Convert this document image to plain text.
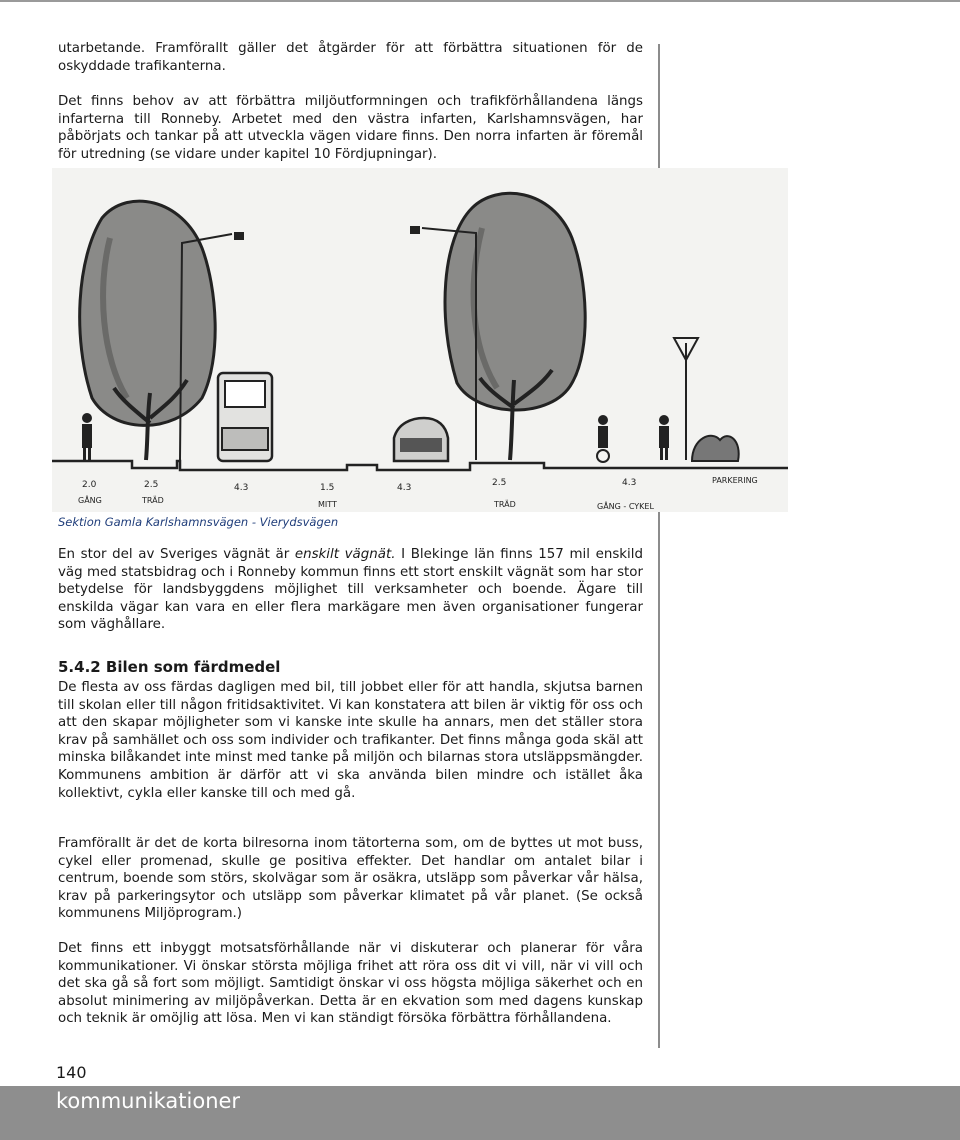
utarbetande. Framförallt gäller det åtgärder för att förbättra situationen för de oskyddade trafikanterna.

Det finns behov av att förbättra miljöutformningen och trafikförhållandena längs infarterna till Ronneby. Arbetet med den västra infarten, Karlshamnsvägen, har påbörjats och tankar på att utveckla vägen vidare finns. Den norra infarten är föremål för utredning (se vidare under kapitel 10 Fördjupningar).

2.0	2.5	4.3	1.5	4.3	2.5	4.3
GÅNG	TRÄD	MITT	TRÄD	GÅNG - CYKEL
PARKERING

Sektion Gamla Karlshamnsvägen - Vierydsvägen

En stor del av Sveriges vägnät är enskilt vägnät. I Blekinge län finns 157 mil enskild väg med statsbidrag och i Ronneby kommun finns ett stort enskilt vägnät som har stor betydelse för landsbyggdens möjlighet till verksamheter och boende. Ägare till enskilda vägar kan vara en eller flera markägare men även organisationer fungerar som väghållare.

5.4.2 Bilen som färdmedel

De flesta av oss färdas dagligen med bil, till jobbet eller för att handla, skjutsa barnen till skolan eller till någon fritidsaktivitet. Vi kan konstatera att bilen är viktig för oss och att den skapar möjligheter som vi kanske inte skulle ha annars, men det ställer stora krav på samhället och oss som individer och trafikanter. Det finns många goda skäl att minska bilåkandet inte minst med tanke på miljön och bilarnas stora utsläppsmängder. Kommunens ambition är därför att vi ska använda bilen mindre och istället åka kollektivt, cykla eller kanske till och med gå.

Framförallt är det de korta bilresorna inom tätorterna som, om de byttes ut mot buss, cykel eller promenad, skulle ge positiva effekter. Det handlar om antalet bilar i centrum, boende som störs, skolvägar som är osäkra, utsläpp som påverkar vår hälsa, krav på parkeringsytor och utsläpp som påverkar klimatet på vår planet. (Se också kommunens Miljöprogram.)

Det finns ett inbyggt motsatsförhållande när vi diskuterar och planerar för våra kommunikationer. Vi önskar största möjliga frihet att röra oss dit vi vill, när vi vill och det ska gå så fort som möjligt. Samtidigt önskar vi oss högsta möjliga säkerhet och en absolut minimering av miljöpåverkan. Detta är en ekvation som med dagens kunskap och teknik är omöjlig att lösa. Men vi kan ständigt försöka förbättra förhållandena.

140
kommunikationer
